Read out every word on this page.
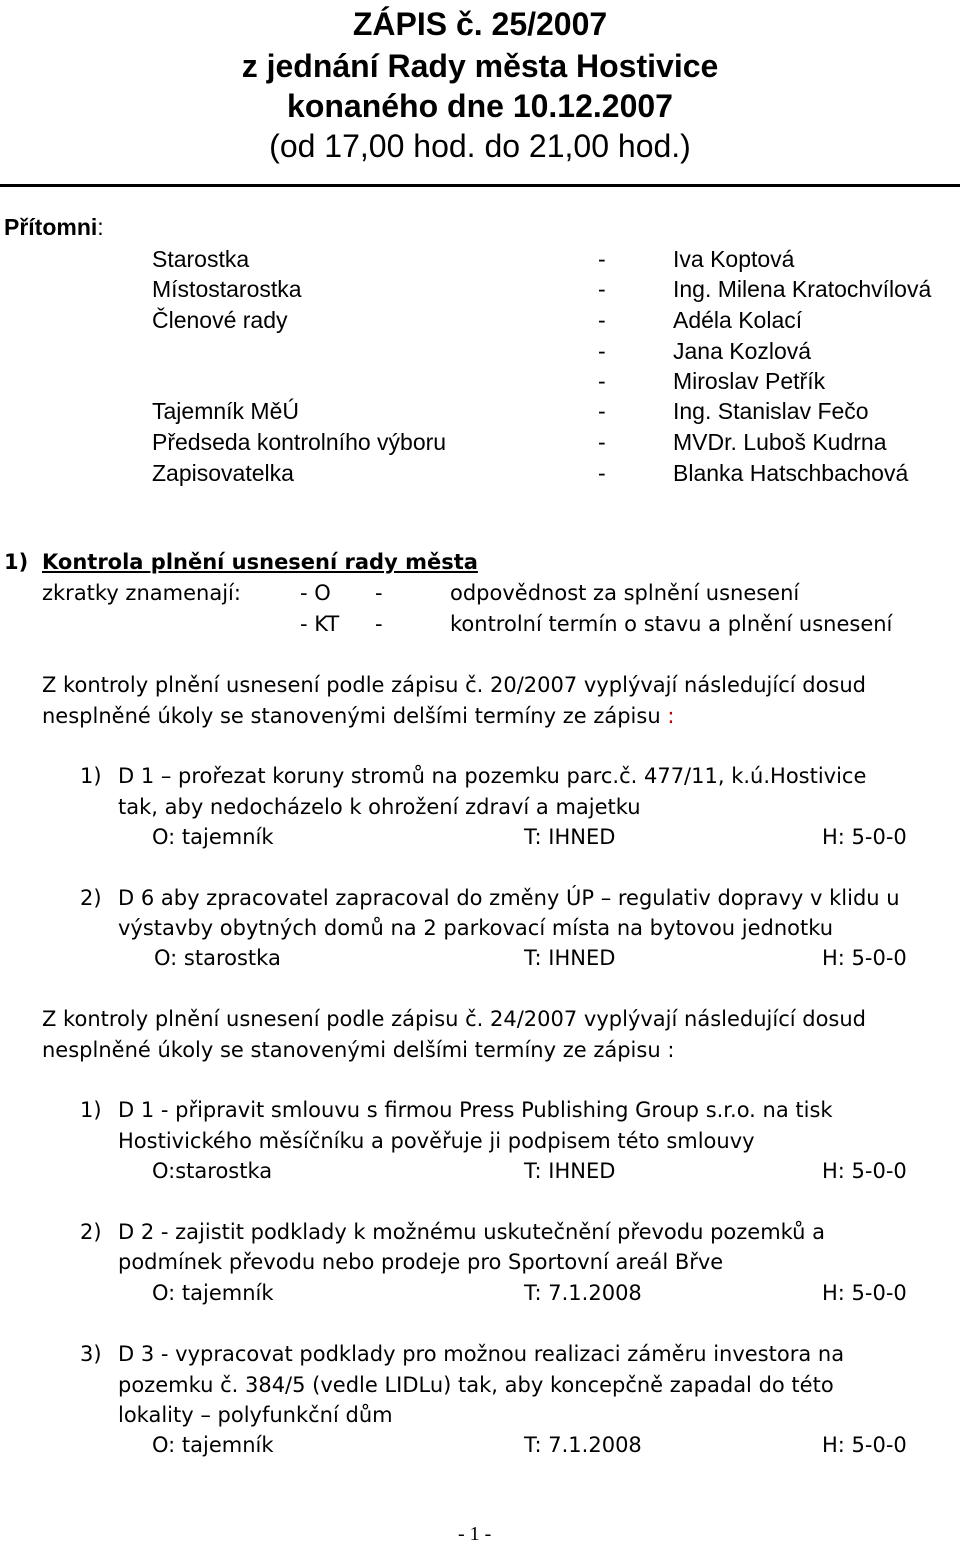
ZÁPIS č. 25/2007
z jednání Rady města Hostivice
konaného dne 10.12.2007
(od 17,00 hod. do 21,00 hod.)
Přítomni:
Starostka	-	Iva Koptová
Místostarostka	-	Ing. Milena Kratochvílová
Členové rady	-	Adéla Kolací
-	Jana Kozlová
-	Miroslav Petřík
Tajemník MěÚ	-	Ing. Stanislav Fečo
Předseda kontrolního výboru	-	MVDr. Luboš Kudrna
Zapisovatelka	-	Blanka Hatschbachová
1) Kontrola plnění usnesení rady města
zkratky znamenají:	- O -	odpovědnost za splnění usnesení
- KT -	kontrolní termín o stavu a plnění usnesení
Z kontroly plnění usnesení podle zápisu č. 20/2007 vyplývají následující dosud
nesplněné úkoly se stanovenými delšími termíny ze zápisu :
1) D 1 – prořezat koruny stromů na pozemku parc.č. 477/11, k.ú.Hostivice
tak, aby nedocházelo k ohrožení zdraví a majetku
O: tajemník	T: IHNED	H: 5-0-0
2) D 6 aby zpracovatel zapracoval do změny ÚP – regulativ dopravy v klidu u
výstavby obytných domů na 2 parkovací místa na bytovou jednotku
O: starostka	T: IHNED	H: 5-0-0
Z kontroly plnění usnesení podle zápisu č. 24/2007 vyplývají následující dosud
nesplněné úkoly se stanovenými delšími termíny ze zápisu :
1) D 1 - připravit smlouvu s firmou Press Publishing Group s.r.o. na tisk
Hostivického měsíčníku a pověřuje ji podpisem této smlouvy
O:starostka	T: IHNED	H: 5-0-0
2) D 2 - zajistit podklady k možnému uskutečnění převodu pozemků a
podmínek převodu nebo prodeje pro Sportovní areál Břve
O: tajemník	T: 7.1.2008	H: 5-0-0
3) D 3 - vypracovat podklady pro možnou realizaci záměru investora na
pozemku č. 384/5 (vedle LIDLu) tak, aby koncepčně zapadal do této
lokality – polyfunkční dům
O: tajemník	T: 7.1.2008	H: 5-0-0
- 1 -
